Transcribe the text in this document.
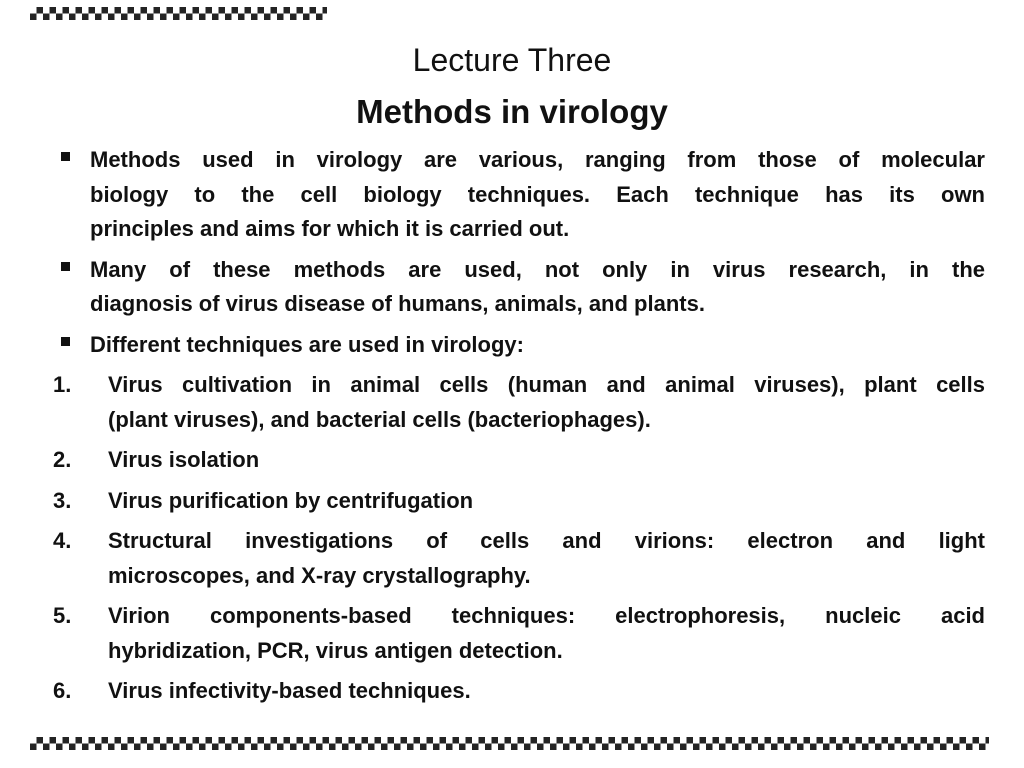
Lecture Three
Methods in virology
Methods used in virology are various, ranging from those of molecular
biology to the cell biology techniques. Each technique has its own
principles and aims for which it is carried out.
Many of these methods are used, not only in virus research, in the
diagnosis of virus disease of humans, animals, and plants.
Different techniques are used in virology:
1. Virus cultivation in animal cells (human and animal viruses), plant cells
(plant viruses), and bacterial cells (bacteriophages).
2. Virus isolation
3. Virus purification by centrifugation
4. Structural investigations of cells and virions: electron and light
microscopes, and X-ray crystallography.
5. Virion components-based techniques: electrophoresis, nucleic acid
hybridization, PCR, virus antigen detection.
6. Virus infectivity-based techniques.
